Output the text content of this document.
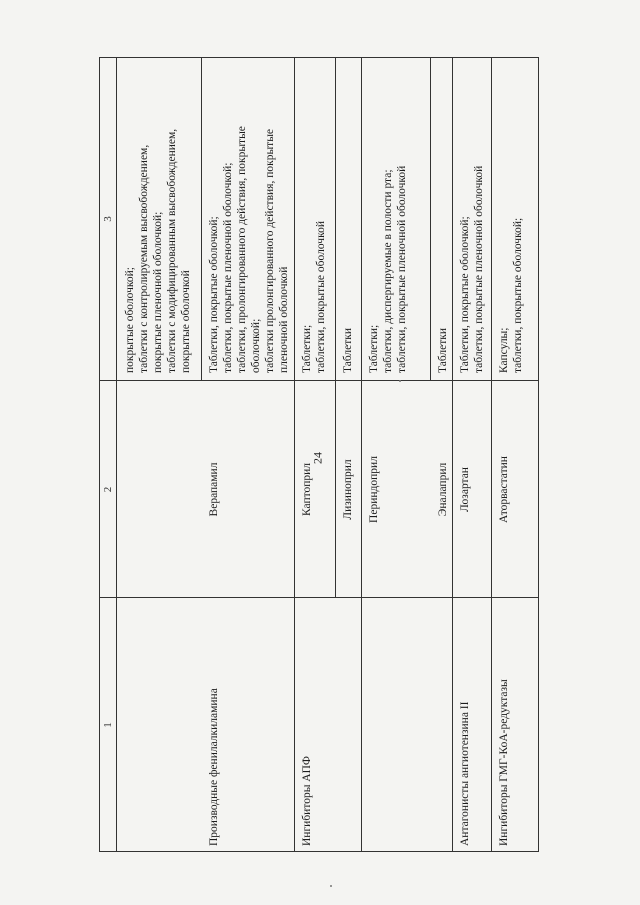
24
1
2
3
покрытые оболочкой; таблетки с контролируемым высвобождением, покрытые пленочной оболочкой; таблетки с модифицированным высвобождением, покрытые оболочкой
Производные фенилалкиламина
Верапамил
Таблетки, покрытые оболочкой; таблетки, покрытые пленочной оболочкой; таблетки, пролонгированного действия, покрытые оболочкой; таблетки пролонгированного действия, покрытые пленочной оболочкой
Ингибиторы АПФ
Каптоприл
Таблетки; таблетки, покрытые оболочкой
Лизиноприл
Таблетки
Периндоприл
Таблетки; таблетки, диспергируемые в полости рта; таблетки, покрытые пленочной оболочкой
Эналаприл
Таблетки
Антагонисты ангиотензина II
Лозартан
Таблетки, покрытые оболочкой; таблетки, покрытые пленочной оболочкой
Ингибиторы ГМГ-КоА-редуктазы
Аторвастатин
Капсулы; таблетки, покрытые оболочкой;
